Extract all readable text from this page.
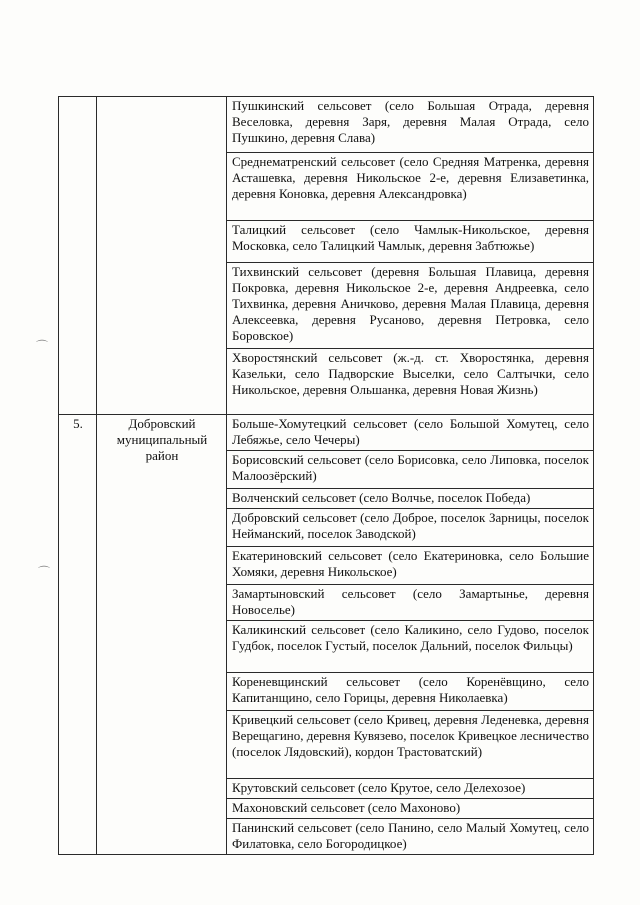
⌒
⌒
		Пушкинский сельсовет (село Большая Отрада, деревня Веселовка, деревня Заря, деревня Малая Отрада, село Пушкино, деревня Слава)
		Среднематренский сельсовет (село Средняя Матренка, деревня Асташевка, деревня Никольское 2-е, деревня Елизаветинка, деревня Коновка, деревня Александровка)
		Талицкий сельсовет (село Чамлык-Никольское, деревня Московка, село Талицкий Чамлык, деревня Забтюжье)
		Тихвинский сельсовет (деревня Большая Плавица, деревня Покровка, деревня Никольское 2-е, деревня Андреевка, село Тихвинка, деревня Аничково, деревня Малая Плавица, деревня Алексеевка, деревня Русаново, деревня Петровка, село Боровское)
		Хворостянский сельсовет (ж.-д. ст. Хворостянка, деревня Казельки, село Падворские Выселки, село Салтычки, село Никольское, деревня Ольшанка, деревня Новая Жизнь)
5.	Добровский муниципальный район	Больше-Хомутецкий сельсовет (село Большой Хомутец, село Лебяжье, село Чечеры)
		Борисовский сельсовет (село Борисовка, село Липовка, поселок Малоозёрский)
		Волченский сельсовет (село Волчье, поселок Победа)
		Добровский сельсовет (село Доброе, поселок Зарницы, поселок Нейманский, поселок Заводской)
		Екатериновский сельсовет (село Екатериновка, село Большие Хомяки, деревня Никольское)
		Замартыновский сельсовет (село Замартынье, деревня Новоселье)
		Каликинский сельсовет (село Каликино, село Гудово, поселок Гудбок, поселок Густый, поселок Дальний, поселок Фильцы)
		Кореневщинский сельсовет (село Коренёвщино, село Капитанщино, село Горицы, деревня Николаевка)
		Кривецкий сельсовет (село Кривец, деревня Леденевка, деревня Верещагино, деревня Кувязево, поселок Кривецкое лесничество (поселок Лядовский), кордон Трастоватский)
		Крутовский сельсовет (село Крутое, село Делехозое)
		Махоновский сельсовет (село Махоново)
		Панинский сельсовет (село Панино, село Малый Хомутец, село Филатовка, село Богородицкое)
